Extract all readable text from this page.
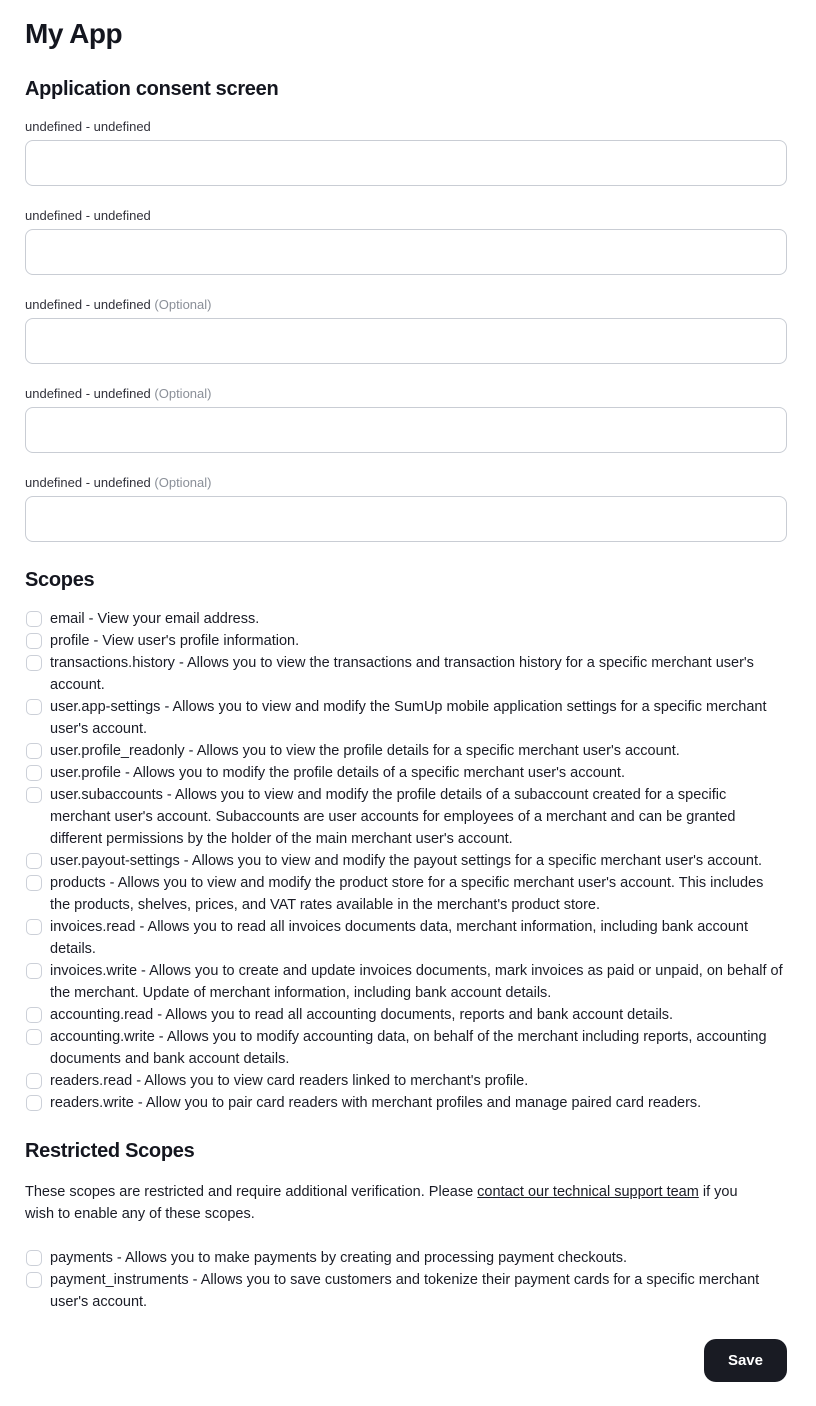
My App
Application consent screen
undefined - undefined
undefined - undefined
undefined - undefined (Optional)
undefined - undefined (Optional)
undefined - undefined (Optional)
Scopes
email - View your email address.
profile - View user's profile information.
transactions.history - Allows you to view the transactions and transaction history for a specific merchant user's account.
user.app-settings - Allows you to view and modify the SumUp mobile application settings for a specific merchant user's account.
user.profile_readonly - Allows you to view the profile details for a specific merchant user's account.
user.profile - Allows you to modify the profile details of a specific merchant user's account.
user.subaccounts - Allows you to view and modify the profile details of a subaccount created for a specific merchant user's account. Subaccounts are user accounts for employees of a merchant and can be granted different permissions by the holder of the main merchant user's account.
user.payout-settings - Allows you to view and modify the payout settings for a specific merchant user's account.
products - Allows you to view and modify the product store for a specific merchant user's account. This includes the products, shelves, prices, and VAT rates available in the merchant's product store.
invoices.read - Allows you to read all invoices documents data, merchant information, including bank account details.
invoices.write - Allows you to create and update invoices documents, mark invoices as paid or unpaid, on behalf of the merchant. Update of merchant information, including bank account details.
accounting.read - Allows you to read all accounting documents, reports and bank account details.
accounting.write - Allows you to modify accounting data, on behalf of the merchant including reports, accounting documents and bank account details.
readers.read - Allows you to view card readers linked to merchant's profile.
readers.write - Allow you to pair card readers with merchant profiles and manage paired card readers.
Restricted Scopes

These scopes are restricted and require additional verification. Please contact our technical support team if you wish to enable any of these scopes.

payments - Allows you to make payments by creating and processing payment checkouts.
payment_instruments - Allows you to save customers and tokenize their payment cards for a specific merchant user's account.
Save
